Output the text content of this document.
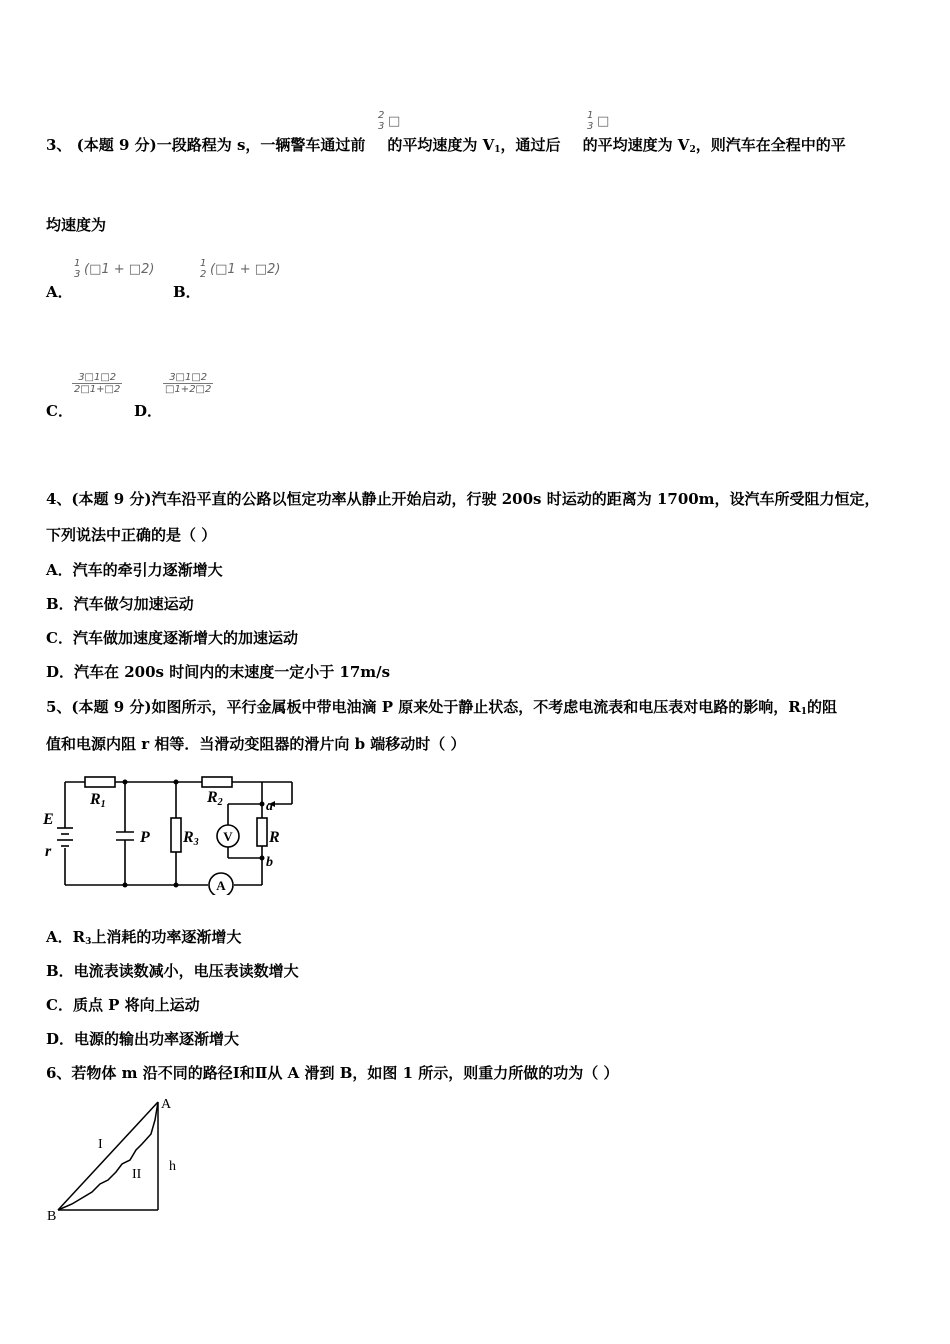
3、 (本题 9 分)一段路程为 s，一辆警车通过前 的平均速度为 $V_1$，通过后 的平均速度为 $V_2$，则汽车在全程中的平
2
3 □	1
3 □
均速度为
A．
1
3 (□1 + □2)
B．
1
2 (□1 + □2)
C．
3□1□2
2□1+□2
D．
3□1□2
□1+2□2
4、(本题 9 分)汽车沿平直的公路以恒定功率从静止开始启动，行驶 200s 时运动的距离为 1700m，设汽车所受阻力恒定，
下列说法中正确的是（ ）
A．汽车的牵引力逐渐增大
B．汽车做匀加速运动
C．汽车做加速度逐渐增大的加速运动
D．汽车在 200s 时间内的末速度一定小于 17m/s
5、(本题 9 分)如图所示，平行金属板中带电油滴 P 原来处于静止状态，不考虑电流表和电压表对电路的影响，$R_1$的阻
值和电源内阻 r 相等．当滑动变阻器的滑片向 b 端移动时（ ）
E
r
R1
P R3
R2	a
b
R
V
A
A．$R_3$上消耗的功率逐渐增大
B．电流表读数减小，电压表读数增大
C．质点 P 将向上运动
D．电源的输出功率逐渐增大
6、若物体 m 沿不同的路径Ⅰ和Ⅱ从 A 滑到 B，如图 1 所示，则重力所做的功为（ ）
A
B
I
II
h
